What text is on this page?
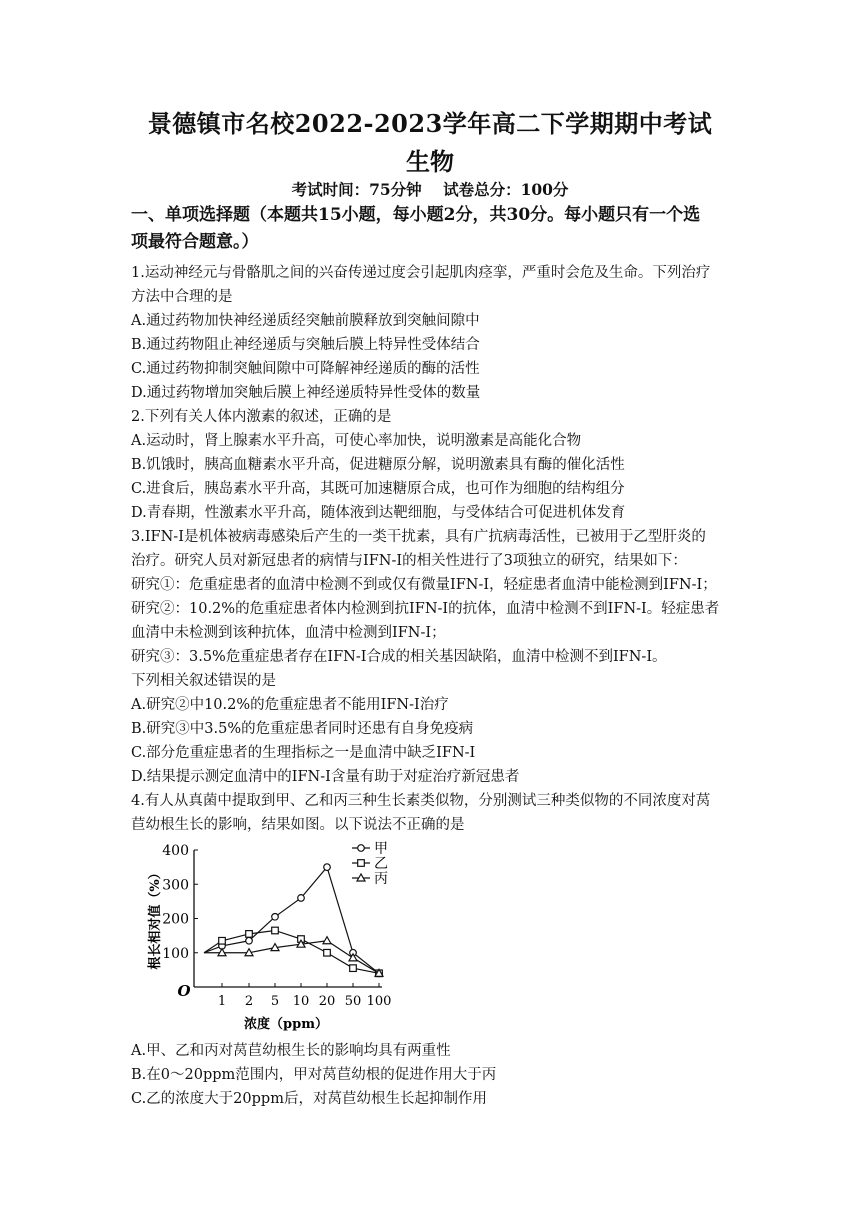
景德镇市名校2022-2023学年高二下学期期中考试
生物
考试时间：75分钟 试卷总分：100分
一、单项选择题（本题共15小题，每小题2分，共30分。每小题只有一个选
项最符合题意。）
1.运动神经元与骨骼肌之间的兴奋传递过度会引起肌肉痉挛，严重时会危及生命。下列治疗
方法中合理的是
A.通过药物加快神经递质经突触前膜释放到突触间隙中
B.通过药物阻止神经递质与突触后膜上特异性受体结合
C.通过药物抑制突触间隙中可降解神经递质的酶的活性
D.通过药物增加突触后膜上神经递质特异性受体的数量
2.下列有关人体内激素的叙述，正确的是
A.运动时，肾上腺素水平升高，可使心率加快，说明激素是高能化合物
B.饥饿时，胰高血糖素水平升高，促进糖原分解，说明激素具有酶的催化活性
C.进食后，胰岛素水平升高，其既可加速糖原合成，也可作为细胞的结构组分
D.青春期，性激素水平升高，随体液到达靶细胞，与受体结合可促进机体发育
3.IFN-I是机体被病毒感染后产生的一类干扰素，具有广抗病毒活性，已被用于乙型肝炎的
治疗。研究人员对新冠患者的病情与IFN-I的相关性进行了3项独立的研究，结果如下：
研究①：危重症患者的血清中检测不到或仅有微量IFN-I，轻症患者血清中能检测到IFN-I；
研究②：10.2%的危重症患者体内检测到抗IFN-I的抗体，血清中检测不到IFN-I。轻症患者
血清中未检测到该种抗体，血清中检测到IFN-I；
研究③：3.5%危重症患者存在IFN-I合成的相关基因缺陷，血清中检测不到IFN-I。
下列相关叙述错误的是
A.研究②中10.2%的危重症患者不能用IFN-I治疗
B.研究③中3.5%的危重症患者同时还患有自身免疫病
C.部分危重症患者的生理指标之一是血清中缺乏IFN-I
D.结果提示测定血清中的IFN-I含量有助于对症治疗新冠患者
4.有人从真菌中提取到甲、乙和丙三种生长素类似物，分别测试三种类似物的不同浓度对莴
苣幼根生长的影响，结果如图。以下说法不正确的是
100
200
300
400
O
1 2 5 10 20 50 100
根长相对值（%）
浓度（ppm）
甲
乙
丙
A.甲、乙和丙对莴苣幼根生长的影响均具有两重性
B.在0～20ppm范围内，甲对莴苣幼根的促进作用大于丙
C.乙的浓度大于20ppm后，对莴苣幼根生长起抑制作用
